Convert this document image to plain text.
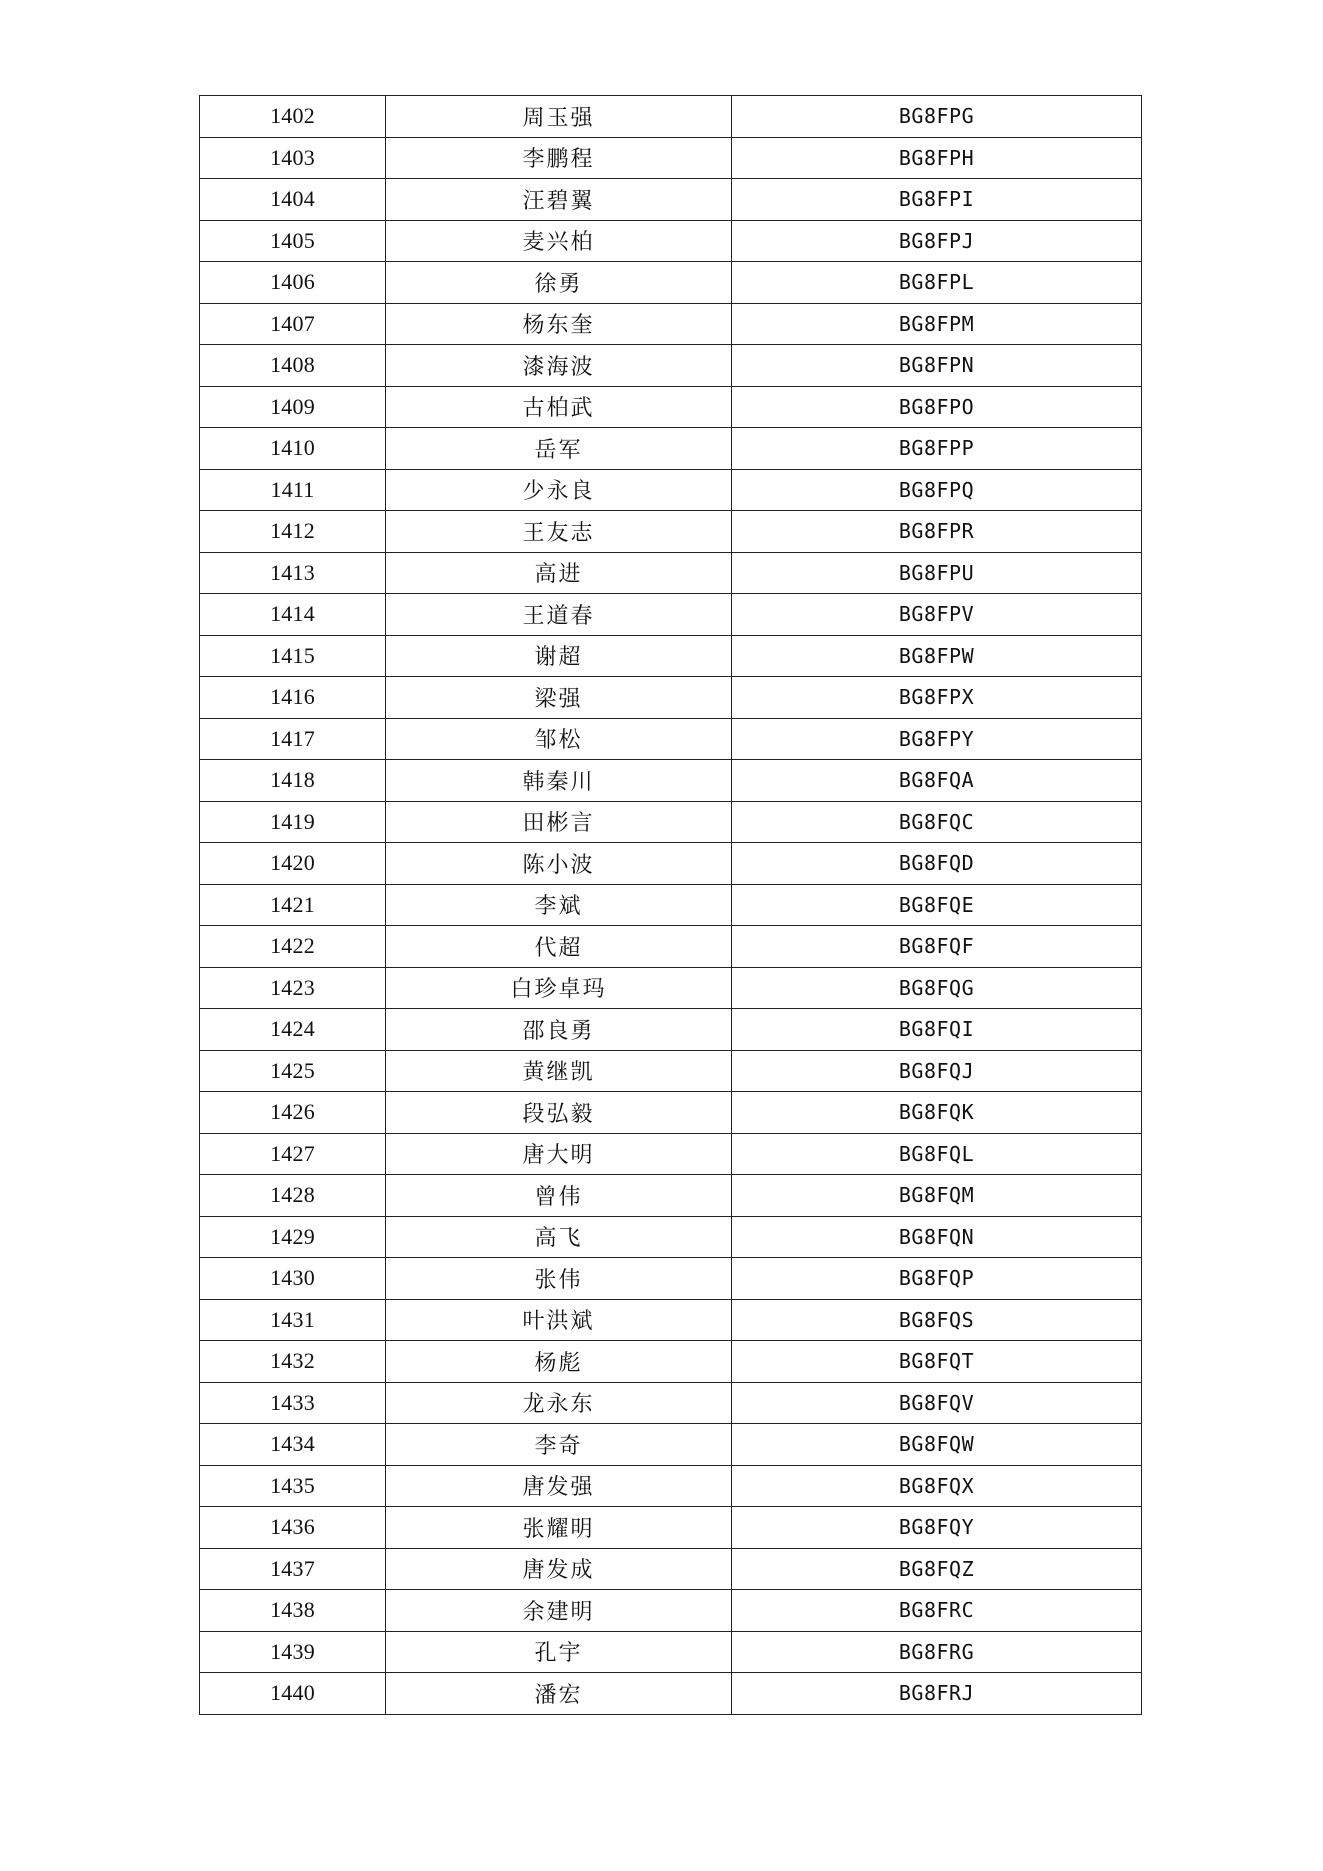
1402	周玉强	BG8FPG
1403	李鹏程	BG8FPH
1404	汪碧翼	BG8FPI
1405	麦兴柏	BG8FPJ
1406	徐勇	BG8FPL
1407	杨东奎	BG8FPM
1408	漆海波	BG8FPN
1409	古柏武	BG8FPO
1410	岳军	BG8FPP
1411	少永良	BG8FPQ
1412	王友志	BG8FPR
1413	高进	BG8FPU
1414	王道春	BG8FPV
1415	谢超	BG8FPW
1416	梁强	BG8FPX
1417	邹松	BG8FPY
1418	韩秦川	BG8FQA
1419	田彬言	BG8FQC
1420	陈小波	BG8FQD
1421	李斌	BG8FQE
1422	代超	BG8FQF
1423	白珍卓玛	BG8FQG
1424	邵良勇	BG8FQI
1425	黄继凯	BG8FQJ
1426	段弘毅	BG8FQK
1427	唐大明	BG8FQL
1428	曾伟	BG8FQM
1429	高飞	BG8FQN
1430	张伟	BG8FQP
1431	叶洪斌	BG8FQS
1432	杨彪	BG8FQT
1433	龙永东	BG8FQV
1434	李奇	BG8FQW
1435	唐发强	BG8FQX
1436	张耀明	BG8FQY
1437	唐发成	BG8FQZ
1438	余建明	BG8FRC
1439	孔宇	BG8FRG
1440	潘宏	BG8FRJ
